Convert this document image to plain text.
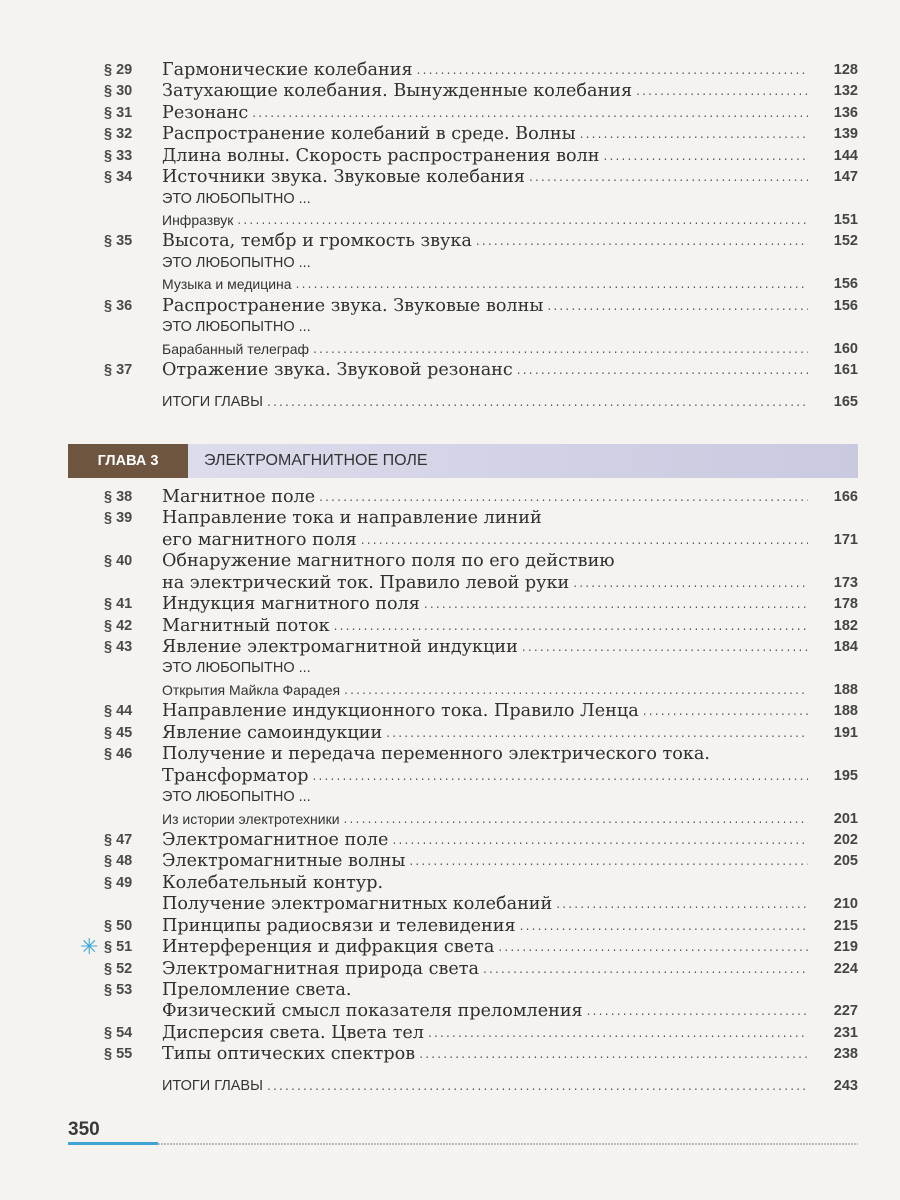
§ 29	Гармонические колебания .....	128
§ 30	Затухающие колебания. Вынужденные колебания .....	132
§ 31	Резонанс .....	136
§ 32	Распространение колебаний в среде. Волны .....	139
§ 33	Длина волны. Скорость распространения волн .....	144
§ 34	Источники звука. Звуковые колебания .....	147
ЭТО ЛЮБОПЫТНО ...
Инфразвук .....	151
§ 35	Высота, тембр и громкость звука .....	152
ЭТО ЛЮБОПЫТНО ...
Музыка и медицина .....	156
§ 36	Распространение звука. Звуковые волны .....	156
ЭТО ЛЮБОПЫТНО ...
Барабанный телеграф .....	160
§ 37	Отражение звука. Звуковой резонанс .....	161
ИТОГИ ГЛАВЫ .....	165
ГЛАВА 3	ЭЛЕКТРОМАГНИТНОЕ ПОЛЕ
§ 38	Магнитное поле .....	166
§ 39	Направление тока и направление линий
его магнитного поля .....	171
§ 40	Обнаружение магнитного поля по его действию
на электрический ток. Правило левой руки .....	173
§ 41	Индукция магнитного поля .....	178
§ 42	Магнитный поток .....	182
§ 43	Явление электромагнитной индукции .....	184
ЭТО ЛЮБОПЫТНО ...
Открытия Майкла Фарадея .....	188
§ 44	Направление индукционного тока. Правило Ленца .....	188
§ 45	Явление самоиндукции .....	191
§ 46	Получение и передача переменного электрического тока.
Трансформатор .....	195
ЭТО ЛЮБОПЫТНО ...
Из истории электротехники .....	201
§ 47	Электромагнитное поле .....	202
§ 48	Электромагнитные волны .....	205
§ 49	Колебательный контур.
Получение электромагнитных колебаний .....	210
§ 50	Принципы радиосвязи и телевидения .....	215
✳ § 51	Интерференция и дифракция света .....	219
§ 52	Электромагнитная природа света .....	224
§ 53	Преломление света.
Физический смысл показателя преломления .....	227
§ 54	Дисперсия света. Цвета тел .....	231
§ 55	Типы оптических спектров .....	238
ИТОГИ ГЛАВЫ .....	243
350
